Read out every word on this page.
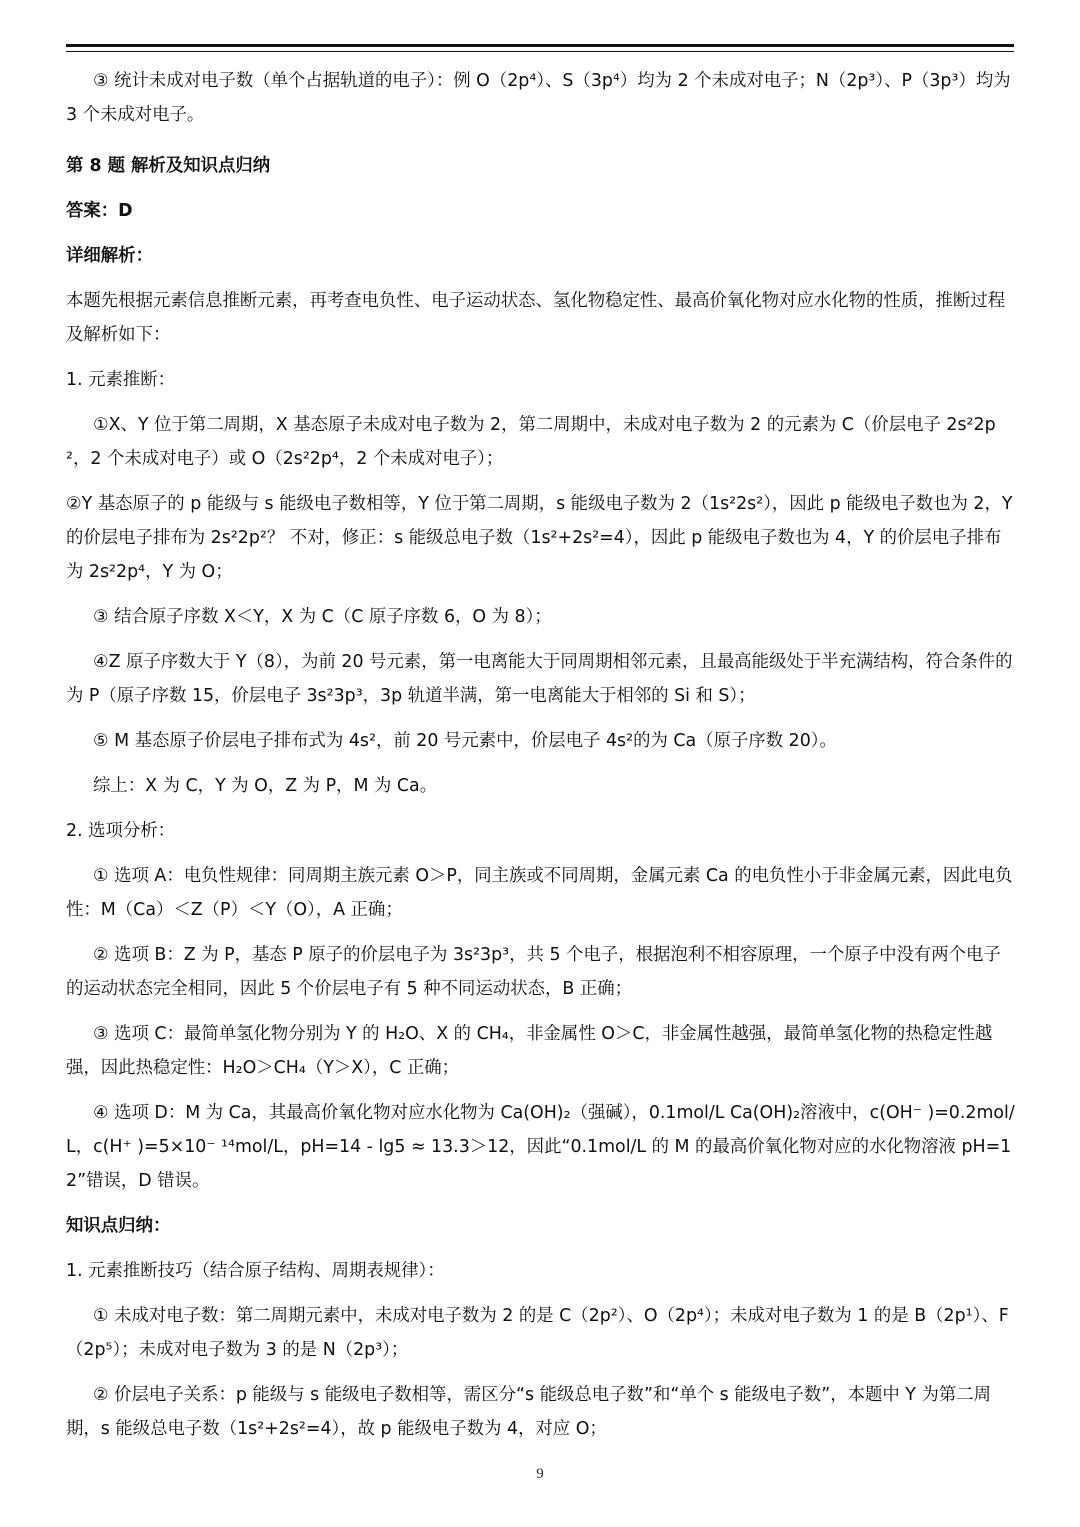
③ 统计未成对电子数（单个占据轨道的电子）：例 O（2p⁴）、S（3p⁴）均为 2 个未成对电子；N（2p³）、P（3p³）均为 3 个未成对电子。

第 8 题 解析及知识点归纳

答案：D

详细解析：

本题先根据元素信息推断元素，再考查电负性、电子运动状态、氢化物稳定性、最高价氧化物对应水化物的性质，推断过程及解析如下：

1. 元素推断：

①X、Y 位于第二周期，X 基态原子未成对电子数为 2，第二周期中，未成对电子数为 2 的元素为 C（价层电子 2s²2p²，2 个未成对电子）或 O（2s²2p⁴，2 个未成对电子）；

②Y 基态原子的 p 能级与 s 能级电子数相等，Y 位于第二周期，s 能级电子数为 2（1s²2s²），因此 p 能级电子数也为 2，Y 的价层电子排布为 2s²2p²？ 不对，修正：s 能级总电子数（1s²+2s²=4），因此 p 能级电子数也为 4，Y 的价层电子排布为 2s²2p⁴，Y 为 O；

③ 结合原子序数 X＜Y，X 为 C（C 原子序数 6，O 为 8）；

④Z 原子序数大于 Y（8），为前 20 号元素，第一电离能大于同周期相邻元素，且最高能级处于半充满结构，符合条件的为 P（原子序数 15，价层电子 3s²3p³，3p 轨道半满，第一电离能大于相邻的 Si 和 S）；

⑤ M 基态原子价层电子排布式为 4s²，前 20 号元素中，价层电子 4s²的为 Ca（原子序数 20）。

综上：X 为 C，Y 为 O，Z 为 P，M 为 Ca。

2. 选项分析：

① 选项 A：电负性规律：同周期主族元素 O＞P，同主族或不同周期，金属元素 Ca 的电负性小于非金属元素，因此电负性：M（Ca）＜Z（P）＜Y（O），A 正确；

② 选项 B：Z 为 P，基态 P 原子的价层电子为 3s²3p³，共 5 个电子，根据泡利不相容原理，一个原子中没有两个电子的运动状态完全相同，因此 5 个价层电子有 5 种不同运动状态，B 正确；

③ 选项 C：最简单氢化物分别为 Y 的 H₂O、X 的 CH₄，非金属性 O＞C，非金属性越强，最简单氢化物的热稳定性越强，因此热稳定性：H₂O＞CH₄（Y＞X），C 正确；

④ 选项 D：M 为 Ca，其最高价氧化物对应水化物为 Ca(OH)₂（强碱），0.1mol/L Ca(OH)₂溶液中，c(OH⁻ )=0.2mol/L，c(H⁺ )=5×10⁻ ¹⁴mol/L，pH=14 - lg5 ≈ 13.3＞12，因此“0.1mol/L 的 M 的最高价氧化物对应的水化物溶液 pH=12”错误，D 错误。

知识点归纳：

1. 元素推断技巧（结合原子结构、周期表规律）：

① 未成对电子数：第二周期元素中，未成对电子数为 2 的是 C（2p²）、O（2p⁴）；未成对电子数为 1 的是 B（2p¹）、F（2p⁵）；未成对电子数为 3 的是 N（2p³）；

② 价层电子关系：p 能级与 s 能级电子数相等，需区分“s 能级总电子数”和“单个 s 能级电子数”，本题中 Y 为第二周期，s 能级总电子数（1s²+2s²=4），故 p 能级电子数为 4，对应 O；

9
